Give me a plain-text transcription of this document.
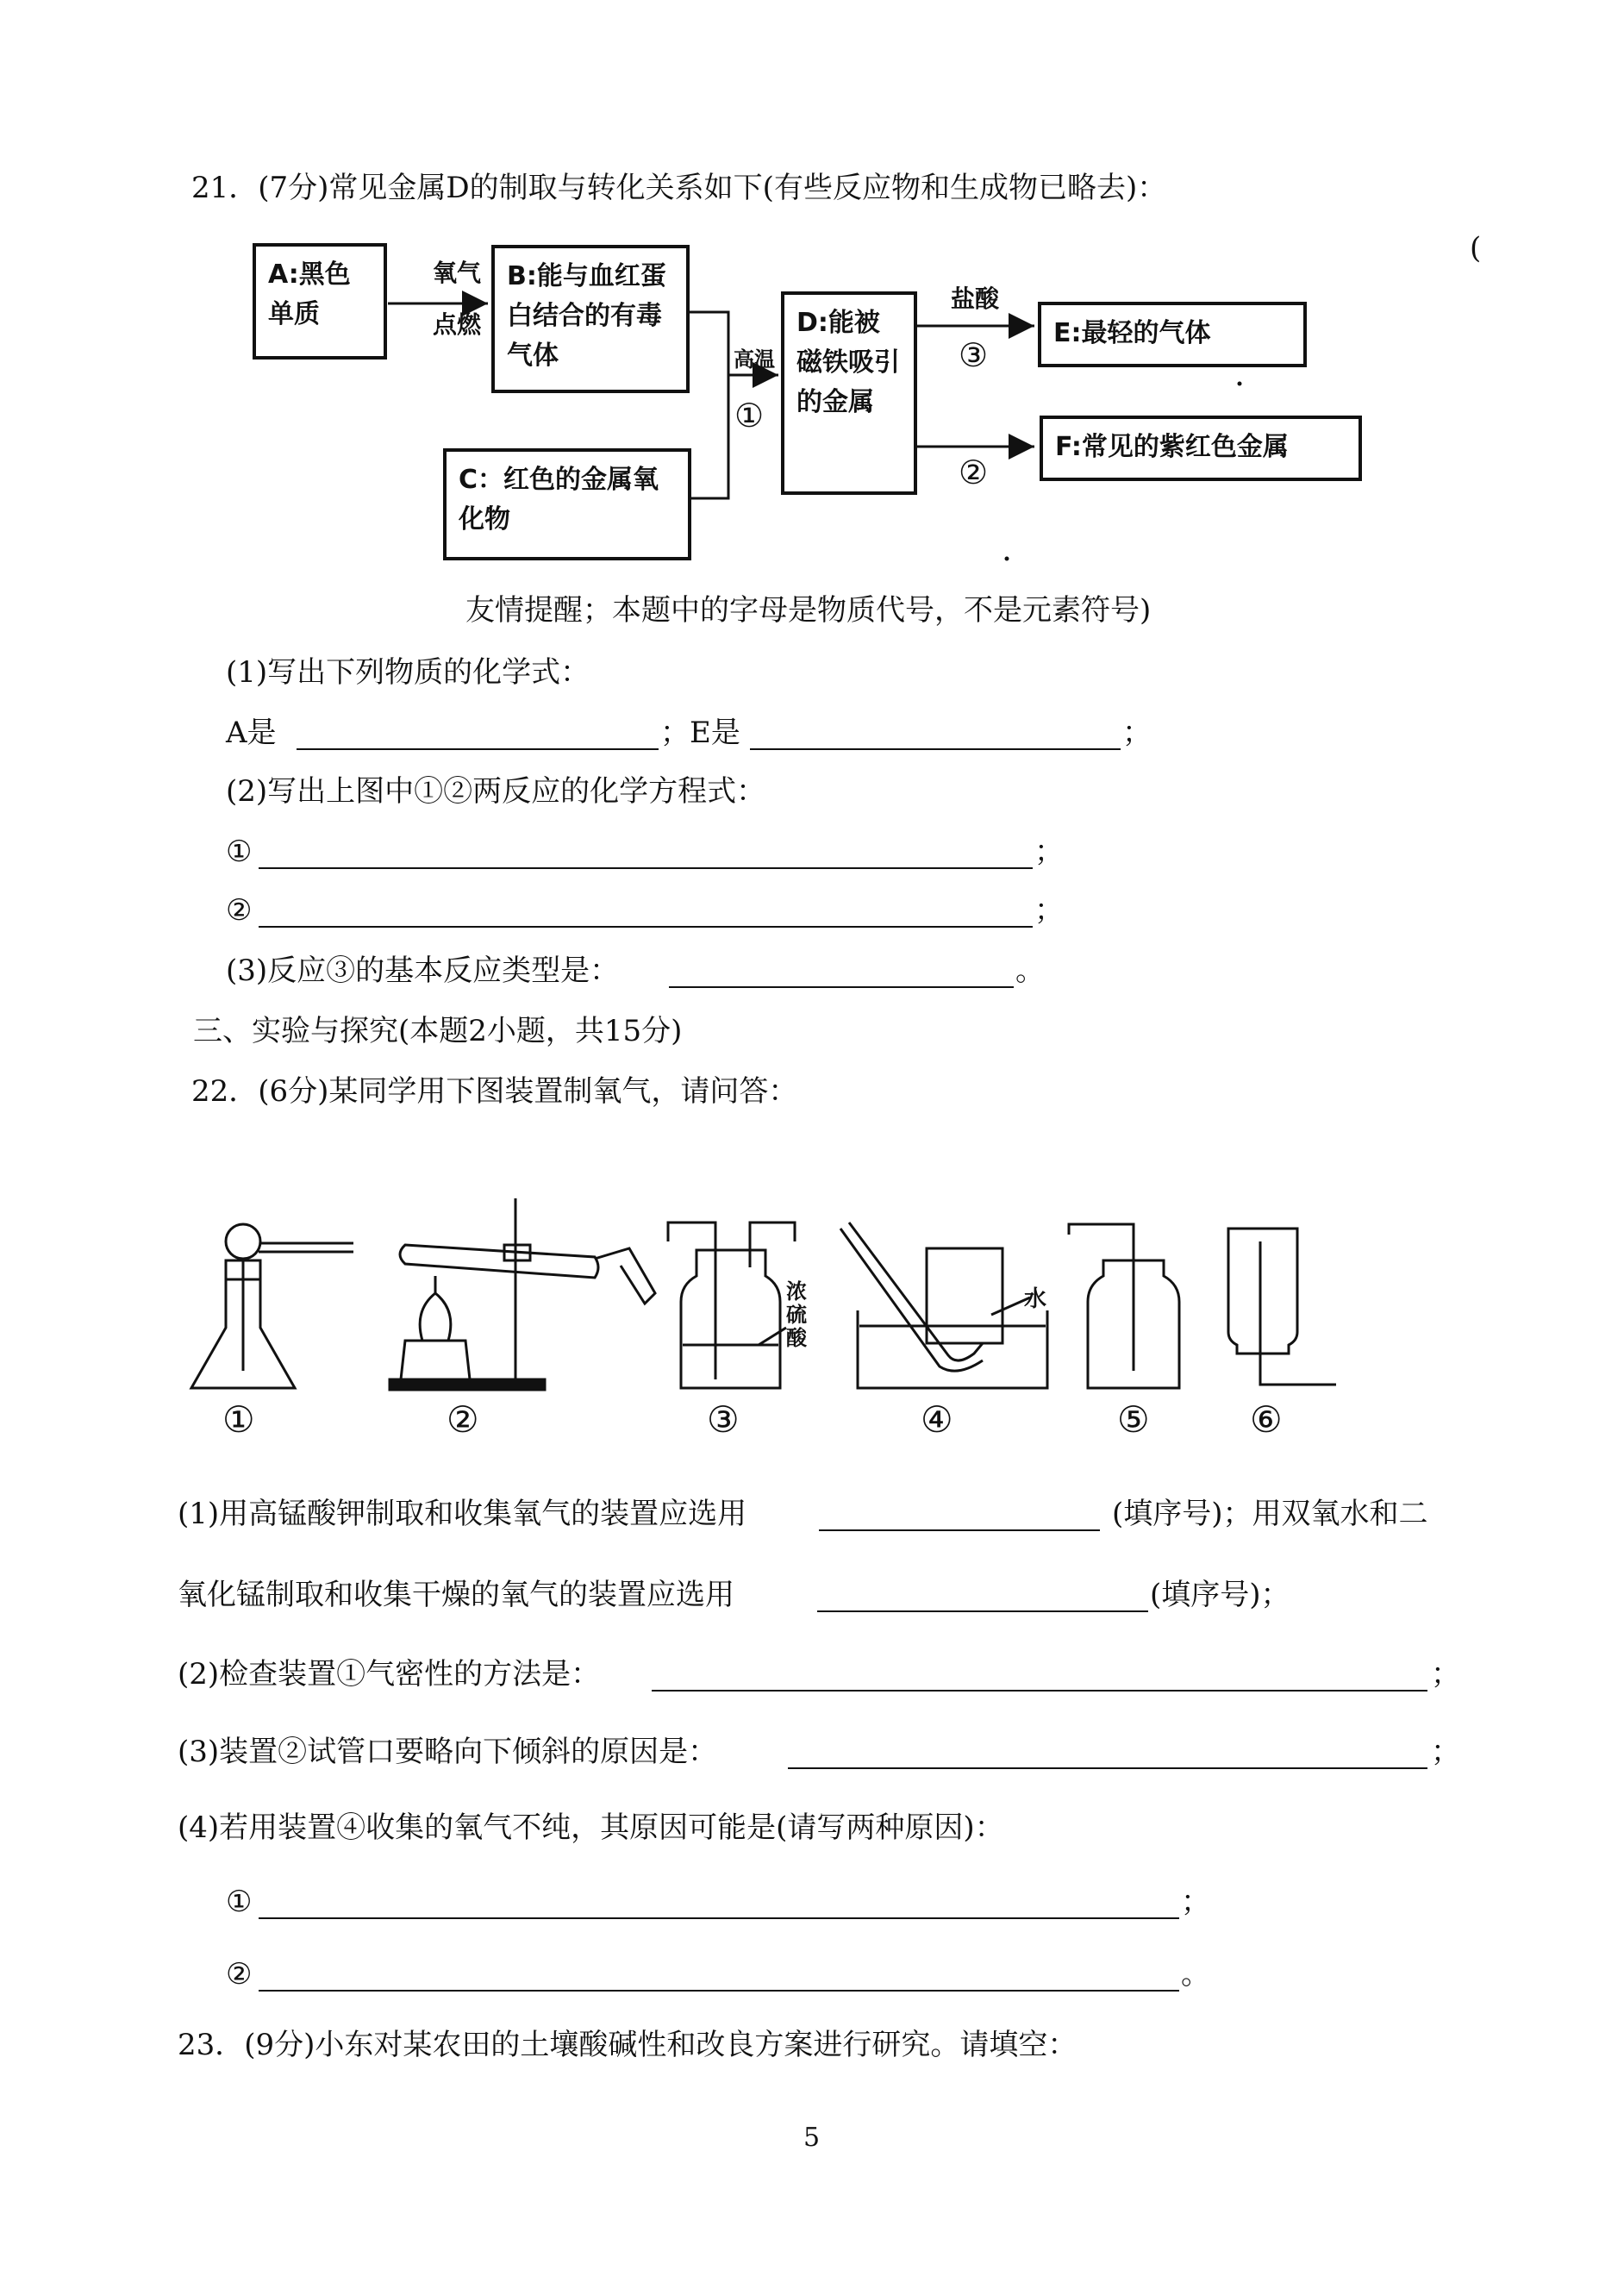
21．(7分)常见金属D的制取与转化关系如下(有些反应物和生成物已略去)：
(
A:黑色单质
B:能与血红蛋白结合的有毒气体
C：红色的金属氧化物
D:能被磁铁吸引的金属
E:最轻的气体
F:常见的紫红色金属
氧气
点燃
高温
①
盐酸
③
②
友情提醒；本题中的字母是物质代号，不是元素符号)
(1)写出下列物质的化学式：
A是	；E是	；
(2)写出上图中①②两反应的化学方程式：
①	；
②	；
(3)反应③的基本反应类型是：	。
三、实验与探究(本题2小题，共15分)
22．(6分)某同学用下图装置制氧气，请问答：
①	②	③	④	⑤	⑥
浓硫酸
水
(1)用高锰酸钾制取和收集氧气的装置应选用	(填序号)；用双氧水和二
氧化锰制取和收集干燥的氧气的装置应选用	(填序号)；
(2)检查装置①气密性的方法是：	；
(3)装置②试管口要略向下倾斜的原因是：	；
(4)若用装置④收集的氧气不纯，其原因可能是(请写两种原因)：
①	；
②	。
23．(9分)小东对某农田的土壤酸碱性和改良方案进行研究。请填空：
5
